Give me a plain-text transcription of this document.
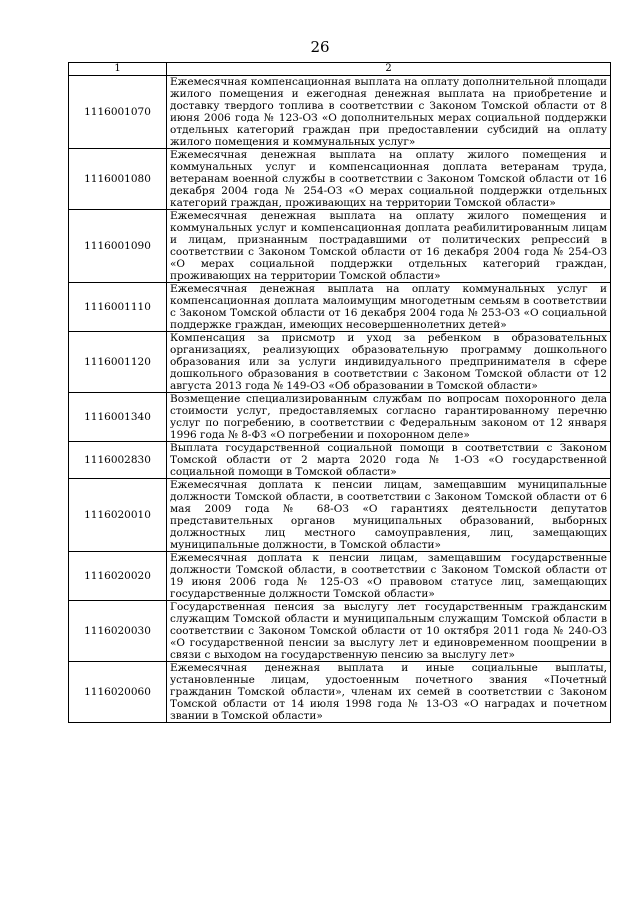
26
1	2
1116001070	Ежемесячная компенсационная выплата на оплату дополнительной площади жилого помещения и ежегодная денежная выплата на приобретение и доставку твердого топлива в соответствии с Законом Томской области от 8 июня 2006 года № 123-ОЗ «О дополнительных мерах социальной поддержки отдельных категорий граждан при предоставлении субсидий на оплату жилого помещения и коммунальных услуг»
1116001080	Ежемесячная денежная выплата на оплату жилого помещения и коммунальных услуг и компенсационная доплата ветеранам труда, ветеранам военной службы в соответствии с Законом Томской области от 16 декабря 2004 года № 254-ОЗ «О мерах социальной поддержки отдельных категорий граждан, проживающих на территории Томской области»
1116001090	Ежемесячная денежная выплата на оплату жилого помещения и коммунальных услуг и компенсационная доплата реабилитированным лицам и лицам, признанным пострадавшими от политических репрессий в соответствии с Законом Томской области от 16 декабря 2004 года № 254-ОЗ «О мерах социальной поддержки отдельных категорий граждан, проживающих на территории Томской области»
1116001110	Ежемесячная денежная выплата на оплату коммунальных услуг и компенсационная доплата малоимущим многодетным семьям в соответствии с Законом Томской области от 16 декабря 2004 года № 253-ОЗ «О социальной поддержке граждан, имеющих несовершеннолетних детей»
1116001120	Компенсация за присмотр и уход за ребенком в образовательных организациях, реализующих образовательную программу дошкольного образования или за услуги индивидуального предпринимателя в сфере дошкольного образования в соответствии с Законом Томской области от 12 августа 2013 года № 149-ОЗ «Об образовании в Томской области»
1116001340	Возмещение специализированным службам по вопросам похоронного дела стоимости услуг, предоставляемых согласно гарантированному перечню услуг по погребению, в соответствии с Федеральным законом от 12 января 1996 года № 8-ФЗ «О погребении и похоронном деле»
1116002830	Выплата государственной социальной помощи в соответствии с Законом Томской области от 2 марта 2020 года № 1-ОЗ «О государственной социальной помощи в Томской области»
1116020010	Ежемесячная доплата к пенсии лицам, замещавшим муниципальные должности Томской области, в соответствии с Законом Томской области от 6 мая 2009 года № 68-ОЗ «О гарантиях деятельности депутатов представительных органов муниципальных образований, выборных должностных лиц местного самоуправления, лиц, замещающих муниципальные должности, в Томской области»
1116020020	Ежемесячная доплата к пенсии лицам, замещавшим государственные должности Томской области, в соответствии с Законом Томской области от 19 июня 2006 года № 125-ОЗ «О правовом статусе лиц, замещающих государственные должности Томской области»
1116020030	Государственная пенсия за выслугу лет государственным гражданским служащим Томской области и муниципальным служащим Томской области в соответствии с Законом Томской области от 10 октября 2011 года № 240-ОЗ «О государственной пенсии за выслугу лет и единовременном поощрении в связи с выходом на государственную пенсию за выслугу лет»
1116020060	Ежемесячная денежная выплата и иные социальные выплаты, установленные лицам, удостоенным почетного звания «Почетный гражданин Томской области», членам их семей в соответствии с Законом Томской области от 14 июля 1998 года № 13-ОЗ «О наградах и почетном звании в Томской области»
